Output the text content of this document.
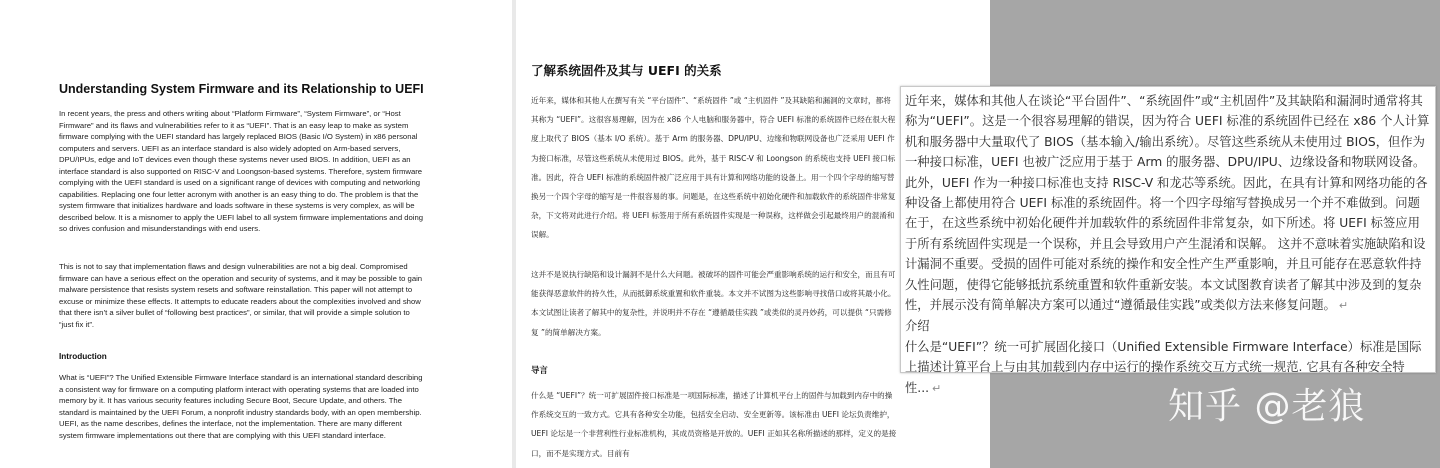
Understanding System Firmware and its Relationship to UEFI

In recent years, the press and others writing about “Platform Firmware”, “System Firmware”, or “Host Firmware” and its flaws and vulnerabilities refer to it as “UEFI”. That is an easy leap to make as system firmware complying with the UEFI standard has largely replaced BIOS (Basic I/O System) in x86 personal computers and servers. UEFI as an interface standard is also widely adopted on Arm-based servers, DPU/IPUs, edge and IoT devices even though these systems never used BIOS. In addition, UEFI as an interface standard is also supported on RISC-V and Loongson-based systems. Therefore, system firmware complying with the UEFI standard is used on a significant range of devices with computing and networking capabilities. Replacing one four letter acronym with another is an easy thing to do. The problem is that the system firmware that initializes hardware and loads software in these systems is very complex, as will be described below. It is a misnomer to apply the UEFI label to all system firmware implementations and doing so drives confusion and misunderstandings with end users.

This is not to say that implementation flaws and design vulnerabilities are not a big deal. Compromised firmware can have a serious effect on the operation and security of systems, and it may be possible to gain malware persistence that resists system resets and software reinstallation. This paper will not attempt to excuse or minimize these effects. It attempts to educate readers about the complexities involved and show that there isn’t a silver bullet of “following best practices”, or similar, that will provide a simple solution to “just fix it”.

Introduction

What is “UEFI”? The Unified Extensible Firmware Interface standard is an international standard describing a consistent way for firmware on a computing platform interact with operating systems that are loaded into memory by it. It has various security features including Secure Boot, Secure Update, and others. The standard is maintained by the UEFI Forum, a nonprofit industry standards body, with an open membership. UEFI, as the name describes, defines the interface, not the implementation. There are many different system firmware implementations out there that are complying with this UEFI standard interface.

了解系统固件及其与 UEFI 的关系

近年来，媒体和其他人在撰写有关 “平台固件”、“系统固件 ”或 “主机固件 ”及其缺陷和漏洞的文章时，都将其称为 “UEFI”。这很容易理解，因为在 x86 个人电脑和服务器中，符合 UEFI 标准的系统固件已经在很大程度上取代了 BIOS（基本 I/O 系统）。基于 Arm 的服务器、DPU/IPU、边缘和物联网设备也广泛采用 UEFI 作为接口标准，尽管这些系统从未使用过 BIOS。此外，基于 RISC-V 和 Loongson 的系统也支持 UEFI 接口标准。因此，符合 UEFI 标准的系统固件被广泛应用于具有计算和网络功能的设备上。用一个四个字母的缩写替换另一个四个字母的缩写是一件很容易的事。问题是，在这些系统中初始化硬件和加载软件的系统固件非常复杂，下文将对此进行介绍。将 UEFI 标签用于所有系统固件实现是一种误称，这样做会引起最终用户的混淆和误解。

这并不是说执行缺陷和设计漏洞不是什么大问题。被破坏的固件可能会严重影响系统的运行和安全，而且有可能获得恶意软件的持久性，从而抵御系统重置和软件重装。本文并不试图为这些影响寻找借口或将其最小化。本文试图让读者了解其中的复杂性，并说明并不存在 “遵循最佳实践 ”或类似的灵丹妙药，可以提供 “只需修复 ”的简单解决方案。

导言

什么是 “UEFI”？统一可扩展固件接口标准是一项国际标准，描述了计算机平台上的固件与加载到内存中的操作系统交互的一致方式。它具有各种安全功能，包括安全启动、安全更新等。该标准由 UEFI 论坛负责维护，UEFI 论坛是一个非营利性行业标准机构，其成员资格是开放的。UEFI 正如其名称所描述的那样，定义的是接口，而不是实现方式。目前有

近年来，媒体和其他人在谈论“平台固件”、“系统固件”或“主机固件”及其缺陷和漏洞时通常将其称为“UEFI”。这是一个很容易理解的错误，因为符合 UEFI 标准的系统固件已经在 x86 个人计算机和服务器中大量取代了 BIOS（基本输入/输出系统）。尽管这些系统从未使用过 BIOS，但作为一种接口标准，UEFI 也被广泛应用于基于 Arm 的服务器、DPU/IPU、边缘设备和物联网设备。此外，UEFI 作为一种接口标准也支持 RISC-V 和龙芯等系统。因此，在具有计算和网络功能的各种设备上都使用符合 UEFI 标准的系统固件。将一个四字母缩写替换成另一个并不难做到。问题在于，在这些系统中初始化硬件并加载软件的系统固件非常复杂，如下所述。将 UEFI 标签应用于所有系统固件实现是一个误称，并且会导致用户产生混淆和误解。 这并不意味着实施缺陷和设计漏洞不重要。受损的固件可能对系统的操作和安全性产生严重影响，并且可能存在恶意软件持久性问题，使得它能够抵抗系统重置和软件重新安装。本文试图教育读者了解其中涉及到的复杂性，并展示没有简单解决方案可以通过“遵循最佳实践”或类似方法来修复问题。 ↵

介绍

什么是“UEFI”？统一可扩展固化接口（Unified Extensible Firmware Interface）标准是国际上描述计算平台上与由其加载到内存中运行的操作系统交互方式统一规范. 它具有各种安全特性... ↵	知乎 @老狼
